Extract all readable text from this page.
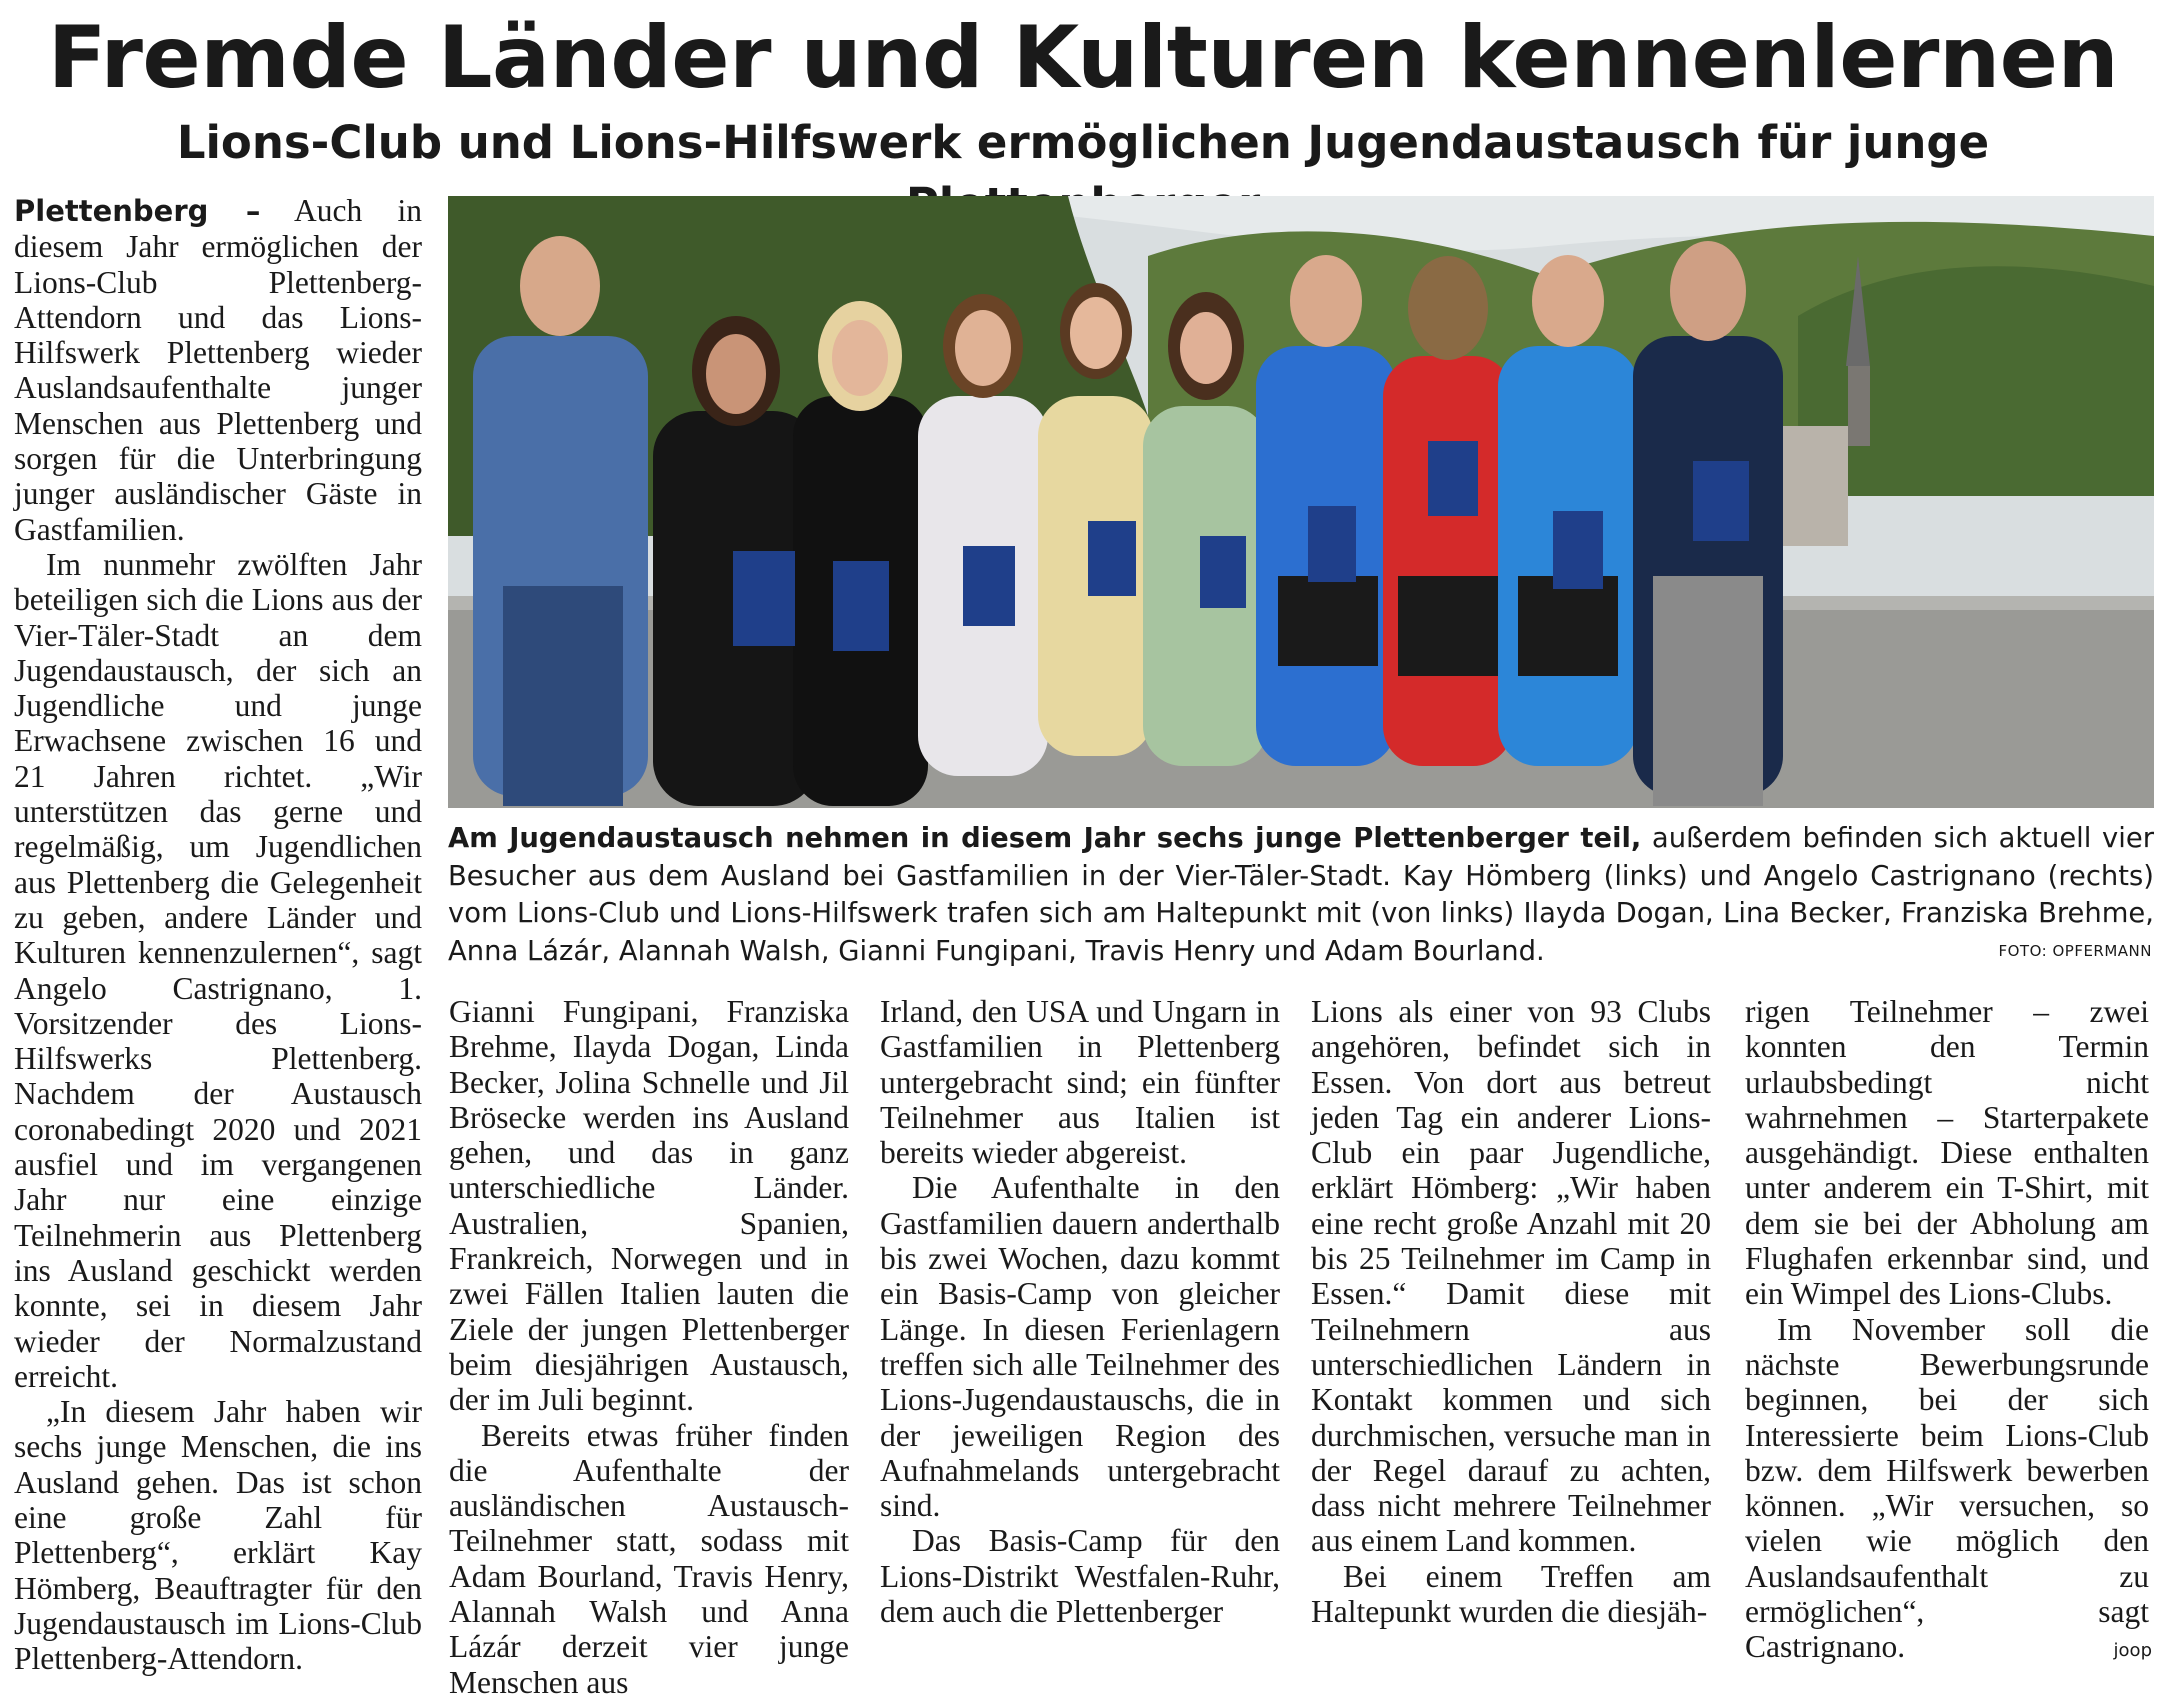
Fremde Länder und Kulturen kennenlernen
Lions-Club und Lions-Hilfswerk ermöglichen Jugendaustausch für junge

Plettenberg – Auch in diesem Jahr ermöglichen der Lions-Club Plettenberg-Attendorn und das Lions-Hilfswerk Plettenberg wieder Auslandsaufenthalte junger Menschen aus Plettenberg und sorgen für die Unterbringung junger ausländischer Gäste in Gastfamilien.

Im nunmehr zwölften Jahr beteiligen sich die Lions aus der Vier-Täler-Stadt an dem Jugendaustausch, der sich an Jugendliche und junge Erwachsene zwischen 16 und 21 Jahren richtet. „Wir unterstützen das gerne und regelmäßig, um Jugendlichen aus Plettenberg die Gelegenheit zu geben, andere Länder und Kulturen kennenzulernen“, sagt Angelo Castrignano, 1. Vorsitzender des Lions-Hilfswerks Plettenberg. Nachdem der Austausch coronabedingt 2020 und 2021 ausfiel und im vergangenen Jahr nur eine einzige Teilnehmerin aus Plettenberg ins Ausland geschickt werden konnte, sei in diesem Jahr wieder der Normalzustand erreicht.

„In diesem Jahr haben wir sechs junge Menschen, die ins Ausland gehen. Das ist schon eine große Zahl für Plettenberg“, erklärt Kay Hömberg, Beauftragter für den Jugendaustausch im Lions-Club Plettenberg-Attendorn.

Am Jugendaustausch nehmen in diesem Jahr sechs junge Plettenberger teil, außerdem befinden sich aktuell vier Besucher aus dem Ausland bei Gastfamilien in der Vier-Täler-Stadt. Kay Hömberg (links) und Angelo Castrignano (rechts) vom Lions-Club und Lions-Hilfswerk trafen sich am Haltepunkt mit (von links) Ilayda Dogan, Lina Becker, Franziska Brehme, Anna Lázár, Alannah Walsh, Gianni Fungipani, Travis Henry und Adam Bourland.	FOTO: OPFERMANN

Gianni Fungipani, Franziska Brehme, Ilayda Dogan, Linda Becker, Jolina Schnelle und Jil Brösecke werden ins Ausland gehen, und das in ganz unterschiedliche Länder. Australien, Spanien, Frankreich, Norwegen und in zwei Fällen Italien lauten die Ziele der jungen Plettenberger beim diesjährigen Austausch, der im Juli beginnt.

Bereits etwas früher finden die Aufenthalte der ausländischen Austausch-Teilnehmer statt, sodass mit Adam Bourland, Travis Henry, Alannah Walsh und Anna Lázár derzeit vier junge Menschen aus

Irland, den USA und Ungarn in Gastfamilien in Plettenberg untergebracht sind; ein fünfter Teilnehmer aus Italien ist bereits wieder abgereist.

Die Aufenthalte in den Gastfamilien dauern anderthalb bis zwei Wochen, dazu kommt ein Basis-Camp von gleicher Länge. In diesen Ferienlagern treffen sich alle Teilnehmer des Lions-Jugendaustauschs, die in der jeweiligen Region des Aufnahmelands untergebracht sind.

Das Basis-Camp für den Lions-Distrikt Westfalen-Ruhr, dem auch die Plettenberger

Lions als einer von 93 Clubs angehören, befindet sich in Essen. Von dort aus betreut jeden Tag ein anderer Lions-Club ein paar Jugendliche, erklärt Hömberg: „Wir haben eine recht große Anzahl mit 20 bis 25 Teilnehmer im Camp in Essen.“ Damit diese mit Teilnehmern aus unterschiedlichen Ländern in Kontakt kommen und sich durchmischen, versuche man in der Regel darauf zu achten, dass nicht mehrere Teilnehmer aus einem Land kommen.

Bei einem Treffen am Haltepunkt wurden die diesjäh-

rigen Teilnehmer – zwei konnten den Termin urlaubsbedingt nicht wahrnehmen – Starterpakete ausgehändigt. Diese enthalten unter anderem ein T-Shirt, mit dem sie bei der Abholung am Flughafen erkennbar sind, und ein Wimpel des Lions-Clubs.

Im November soll die nächste Bewerbungsrunde beginnen, bei der sich Interessierte beim Lions-Club bzw. dem Hilfswerk bewerben können. „Wir versuchen, so vielen wie möglich den Auslandsaufenthalt zu ermöglichen“, sagt Castrignano.	joop
